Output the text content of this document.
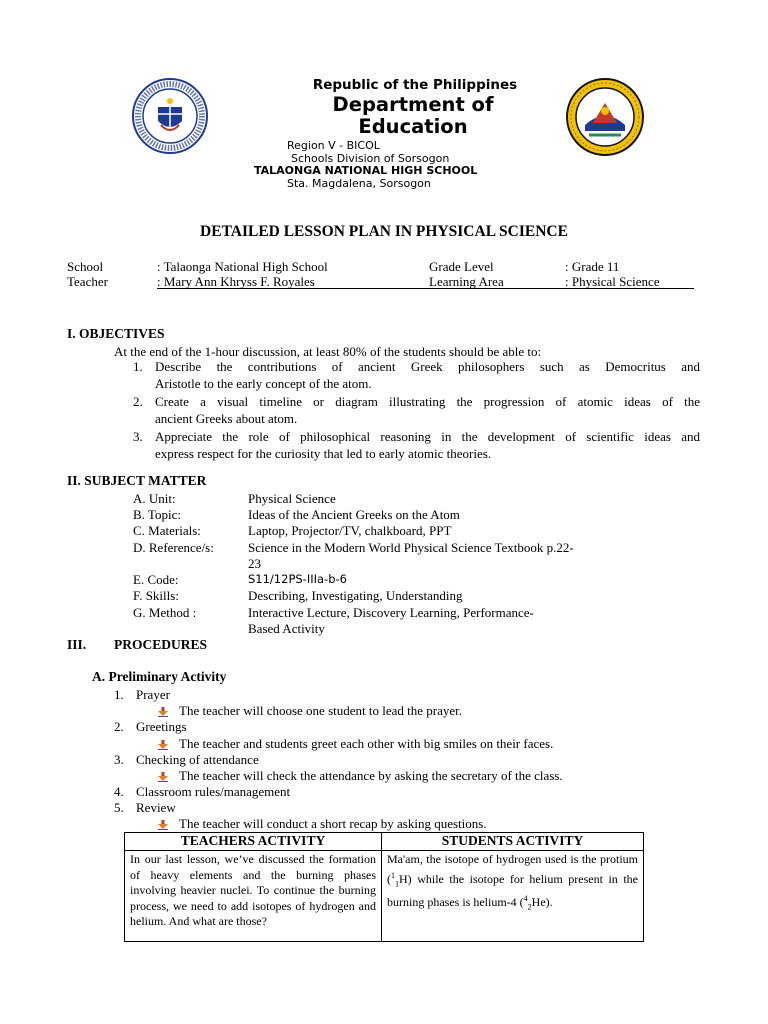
Republic of the Philippines
Department of
Education
Region V - BICOL
Schools Division of Sorsogon
TALAONGA NATIONAL HIGH SCHOOL
Sta. Magdalena, Sorsogon
DETAILED LESSON PLAN IN PHYSICAL SCIENCE
School	: Talaonga National High School	Grade Level	: Grade 11
Teacher	: Mary Ann Khryss F. Royales	Learning Area	: Physical Science
I. OBJECTIVES
At the end of the 1-hour discussion, at least 80% of the students should be able to:
1. Describe the contributions of ancient Greek philosophers such as Democritus and
Aristotle to the early concept of the atom.
2. Create a visual timeline or diagram illustrating the progression of atomic ideas of the
ancient Greeks about atom.
3. Appreciate the role of philosophical reasoning in the development of scientific ideas and
express respect for the curiosity that led to early atomic theories.
II. SUBJECT MATTER
A. Unit:	Physical Science
B. Topic:	Ideas of the Ancient Greeks on the Atom
C. Materials:	Laptop, Projector/TV, chalkboard, PPT
D. Reference/s:	Science in the Modern World Physical Science Textbook p.22-
23
E. Code:	S11/12PS-IIIa-b-6
F. Skills:	Describing, Investigating, Understanding
G. Method :	Interactive Lecture, Discovery Learning, Performance-
Based Activity
III. PROCEDURES
A. Preliminary Activity
1. Prayer
The teacher will choose one student to lead the prayer.
2. Greetings
The teacher and students greet each other with big smiles on their faces.
3. Checking of attendance
The teacher will check the attendance by asking the secretary of the class.
4. Classroom rules/management
5. Review
The teacher will conduct a short recap by asking questions.
TEACHERS ACTIVITY	STUDENTS ACTIVITY
In our last lesson, we’ve discussed the formation of heavy elements and the burning phases involving heavier nuclei. To continue the burning process, we need to add isotopes of hydrogen and helium. And what are those?	Ma'am, the isotope of hydrogen used is the protium ($^1_1$H) while the isotope for helium present in the burning phases is helium-4 ($^4_2$He).
